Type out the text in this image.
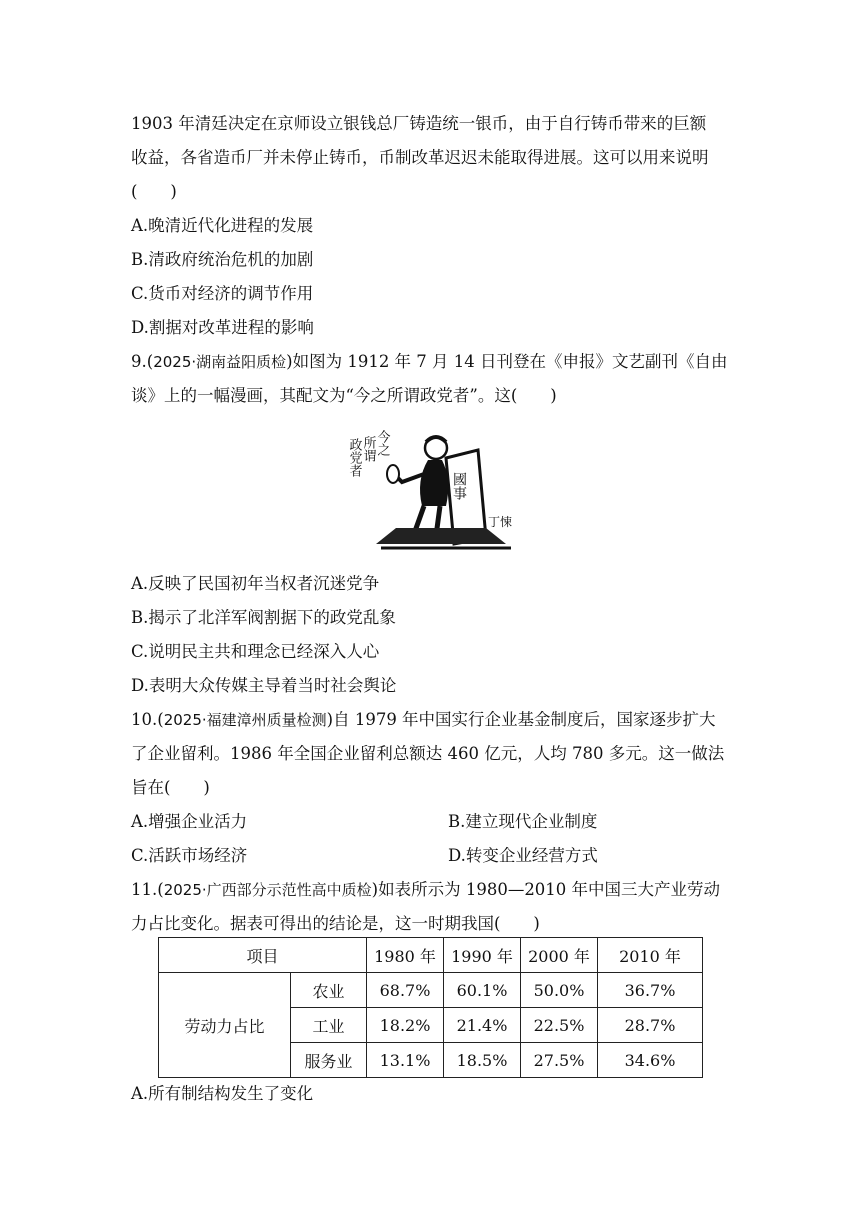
1903 年清廷决定在京师设立银钱总厂铸造统一银币，由于自行铸币带来的巨额
收益，各省造币厂并未停止铸币，币制改革迟迟未能取得进展。这可以用来说明
(　　)
A.晚清近代化进程的发展
B.清政府统治危机的加剧
C.货币对经济的调节作用
D.割据对改革进程的影响
9.(2025·湖南益阳质检)如图为 1912 年 7 月 14 日刊登在《申报》文艺副刊《自由
谈》上的一幅漫画，其配文为“今之所谓政党者”。这(　　)
今之
所谓
政党者
國事
丁悚
A.反映了民国初年当权者沉迷党争
B.揭示了北洋军阀割据下的政党乱象
C.说明民主共和理念已经深入人心
D.表明大众传媒主导着当时社会舆论
10.(2025·福建漳州质量检测)自 1979 年中国实行企业基金制度后，国家逐步扩大
了企业留利。1986 年全国企业留利总额达 460 亿元，人均 780 多元。这一做法
旨在(　　)
A.增强企业活力	B.建立现代企业制度
C.活跃市场经济	D.转变企业经营方式
11.(2025·广西部分示范性高中质检)如表所示为 1980—2010 年中国三大产业劳动
力占比变化。据表可得出的结论是，这一时期我国(　　)
项目		1980 年	1990 年	2000 年	2010 年
劳动力占比	农业	68.7%	60.1%	50.0%	36.7%
	工业	18.2%	21.4%	22.5%	28.7%
	服务业	13.1%	18.5%	27.5%	34.6%
A.所有制结构发生了变化
